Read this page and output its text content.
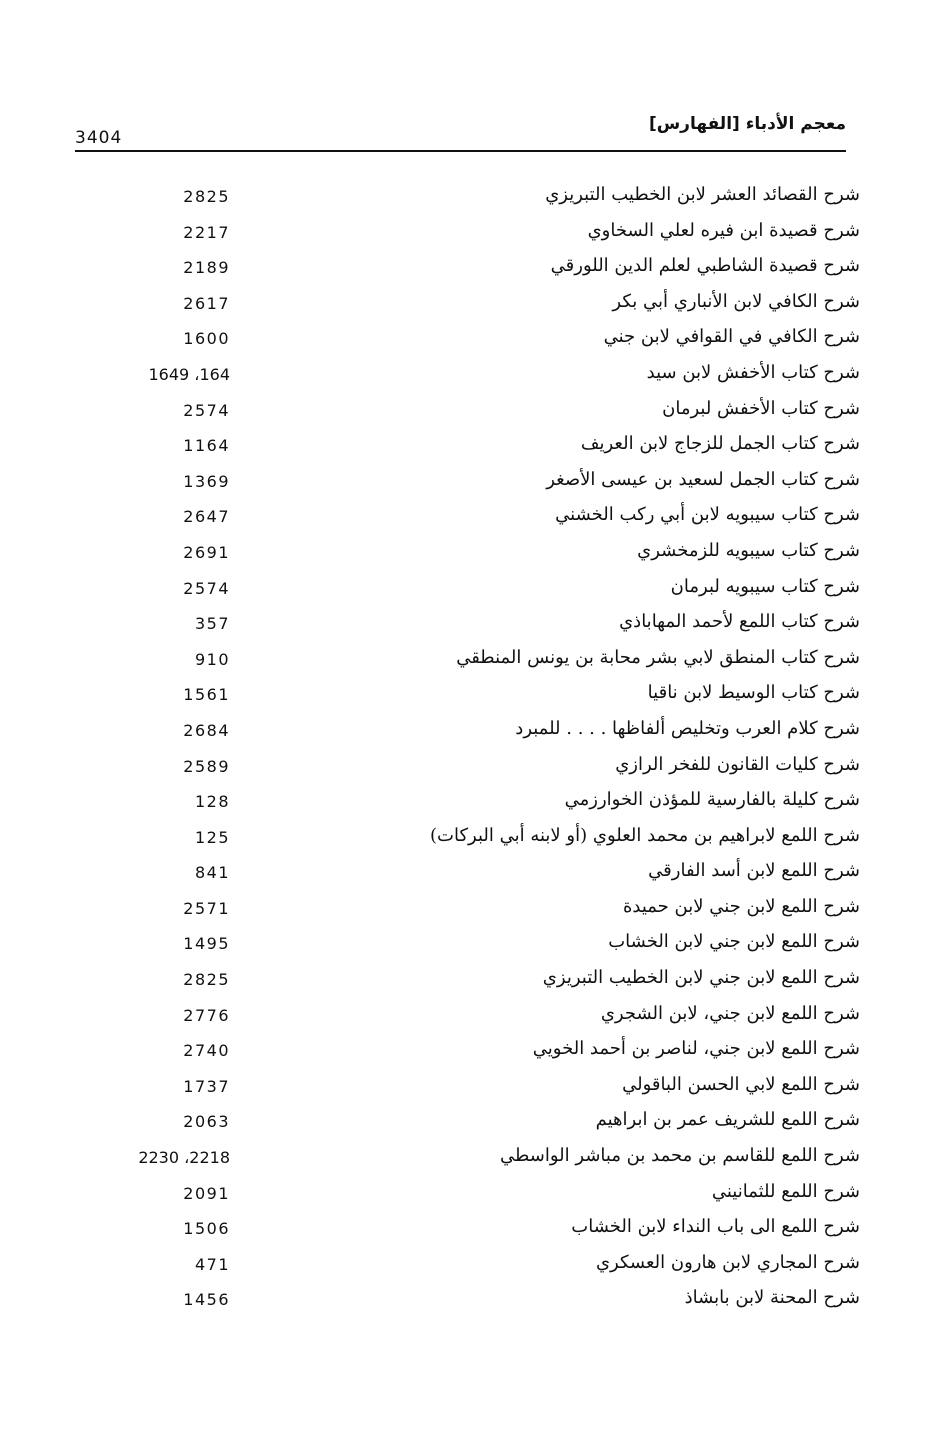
معجم الأدباء [الفهارس]
3404
شرح القصائد العشر لابن الخطيب التبريزي
2825
شرح قصيدة ابن فيره لعلي السخاوي
2217
شرح قصيدة الشاطبي لعلم الدين اللورقي
2189
شرح الكافي لابن الأنباري أبي بكر
2617
شرح الكافي في القوافي لابن جني
1600
شرح كتاب الأخفش لابن سيد
1649 ،164
شرح كتاب الأخفش لبرمان
2574
شرح كتاب الجمل للزجاج لابن العريف
1164
شرح كتاب الجمل لسعيد بن عيسى الأصغر
1369
شرح كتاب سيبويه لابن أبي ركب الخشني
2647
شرح كتاب سيبويه للزمخشري
2691
شرح كتاب سيبويه لبرمان
2574
شرح كتاب اللمع لأحمد المهاباذي
357
شرح كتاب المنطق لابي بشر محابة بن يونس المنطقي
910
شرح كتاب الوسيط لابن ناقيا
1561
شرح كلام العرب وتخليص ألفاظها . . . . للمبرد
2684
شرح كليات القانون للفخر الرازي
2589
شرح كليلة بالفارسية للمؤذن الخوارزمي
128
شرح اللمع لابراهيم بن محمد العلوي (أو لابنه أبي البركات)
125
شرح اللمع لابن أسد الفارقي
841
شرح اللمع لابن جني لابن حميدة
2571
شرح اللمع لابن جني لابن الخشاب
1495
شرح اللمع لابن جني لابن الخطيب التبريزي
2825
شرح اللمع لابن جني، لابن الشجري
2776
شرح اللمع لابن جني، لناصر بن أحمد الخويي
2740
شرح اللمع لابي الحسن الباقولي
1737
شرح اللمع للشريف عمر بن ابراهيم
2063
شرح اللمع للقاسم بن محمد بن مباشر الواسطي
2230 ،2218
شرح اللمع للثمانيني
2091
شرح اللمع الى باب النداء لابن الخشاب
1506
شرح المجاري لابن هارون العسكري
471
شرح المحنة لابن بابشاذ
1456
